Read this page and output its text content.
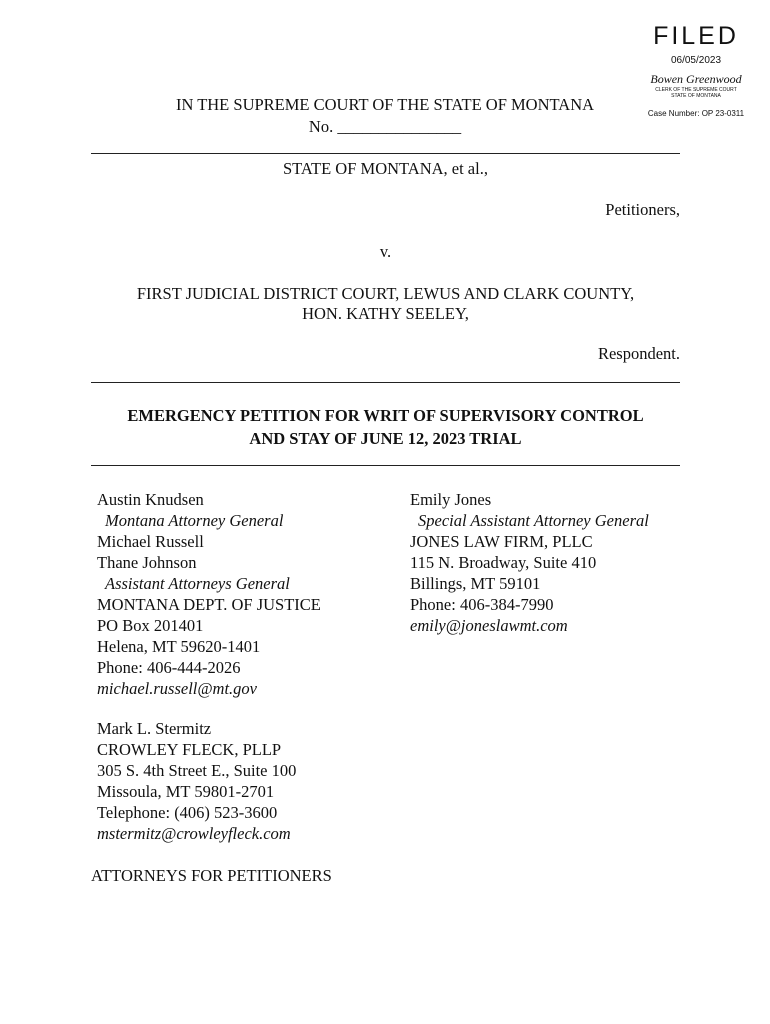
FILED
06/05/2023
Bowen Greenwood
CLERK OF THE SUPREME COURT
STATE OF MONTANA
Case Number: OP 23-0311
IN THE SUPREME COURT OF THE STATE OF MONTANA
No. _______________
STATE OF MONTANA, et al.,
Petitioners,
v.
FIRST JUDICIAL DISTRICT COURT, LEWUS AND CLARK COUNTY,
HON. KATHY SEELEY,
Respondent.
EMERGENCY PETITION FOR WRIT OF SUPERVISORY CONTROL
AND STAY OF JUNE 12, 2023 TRIAL
Austin Knudsen
Montana Attorney General
Michael Russell
Thane Johnson
Assistant Attorneys General
MONTANA DEPT. OF JUSTICE
PO Box 201401
Helena, MT 59620-1401
Phone: 406-444-2026
michael.russell@mt.gov
Emily Jones
Special Assistant Attorney General
JONES LAW FIRM, PLLC
115 N. Broadway, Suite 410
Billings, MT 59101
Phone: 406-384-7990
emily@joneslawmt.com
Mark L. Stermitz
CROWLEY FLECK, PLLP
305 S. 4th Street E., Suite 100
Missoula, MT 59801-2701
Telephone: (406) 523-3600
mstermitz@crowleyfleck.com
ATTORNEYS FOR PETITIONERS
